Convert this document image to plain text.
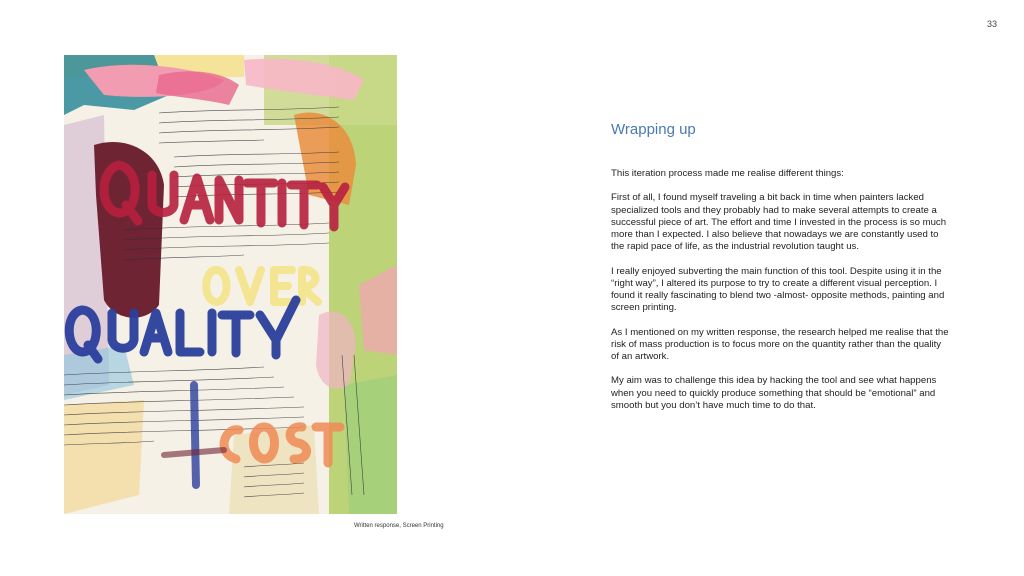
33
Written response, Screen Printing
Wrapping up

This iteration process made me realise different things:

First of all, I found myself traveling a bit back in time when painters lacked specialized tools and they probably had to make several attempts to create a successful piece of art. The effort and time I invested in the process is so much more than I expected. I also believe that nowadays we are constantly used to the rapid pace of life, as the industrial revolution taught us.

I really enjoyed subverting the main function of this tool. Despite using it in the “right way”, I altered its purpose to try to create a different visual perception. I found it really fascinating to blend two -almost- opposite methods, painting and screen printing.

As I mentioned on my written response, the research helped me realise that the risk of mass production is to focus more on the quantity rather than the quality of an artwork.

My aim was to challenge this idea by hacking the tool and see what happens when you need to quickly produce something that should be “emotional” and smooth but you don’t have much time to do that.
